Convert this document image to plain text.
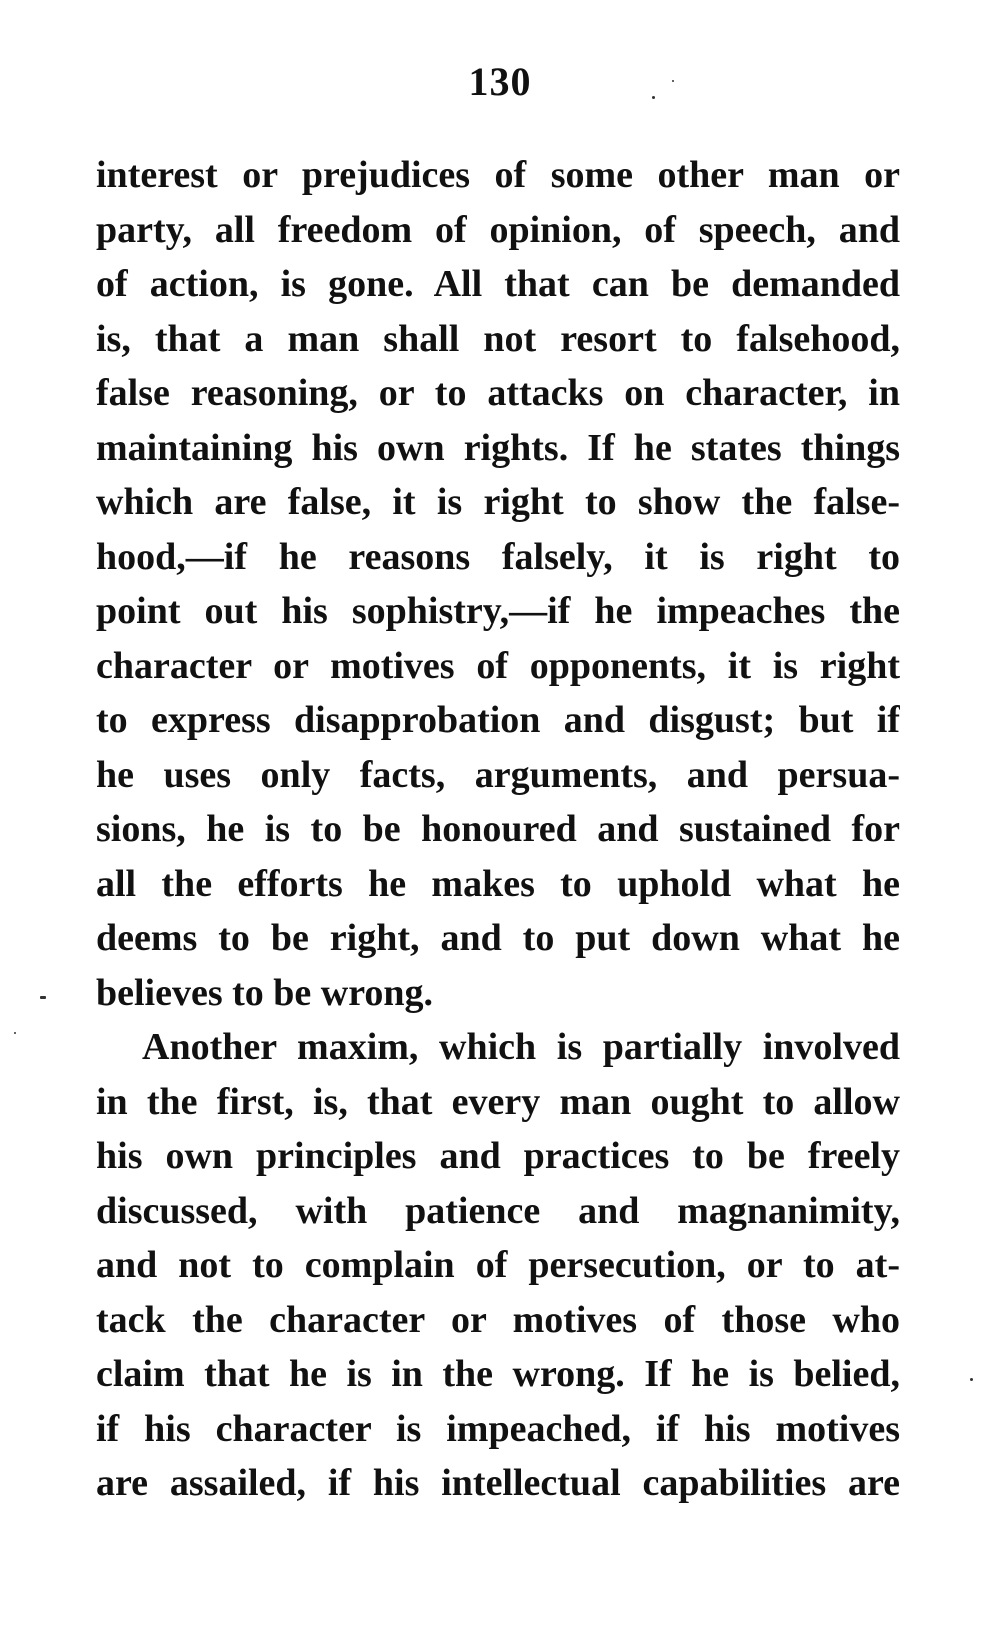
130
interest or prejudices of some other man or
party, all freedom of opinion, of speech, and
of action, is gone. All that can be demanded
is, that a man shall not resort to falsehood,
false reasoning, or to attacks on character, in
maintaining his own rights. If he states things
which are false, it is right to show the false-
hood,—if he reasons falsely, it is right to
point out his sophistry,—if he impeaches the
character or motives of opponents, it is right
to express disapprobation and disgust; but if
he uses only facts, arguments, and persua-
sions, he is to be honoured and sustained for
all the efforts he makes to uphold what he
deems to be right, and to put down what he
believes to be wrong.
Another maxim, which is partially involved
in the first, is, that every man ought to allow
his own principles and practices to be freely
discussed, with patience and magnanimity,
and not to complain of persecution, or to at-
tack the character or motives of those who
claim that he is in the wrong. If he is belied,
if his character is impeached, if his motives
are assailed, if his intellectual capabilities are
